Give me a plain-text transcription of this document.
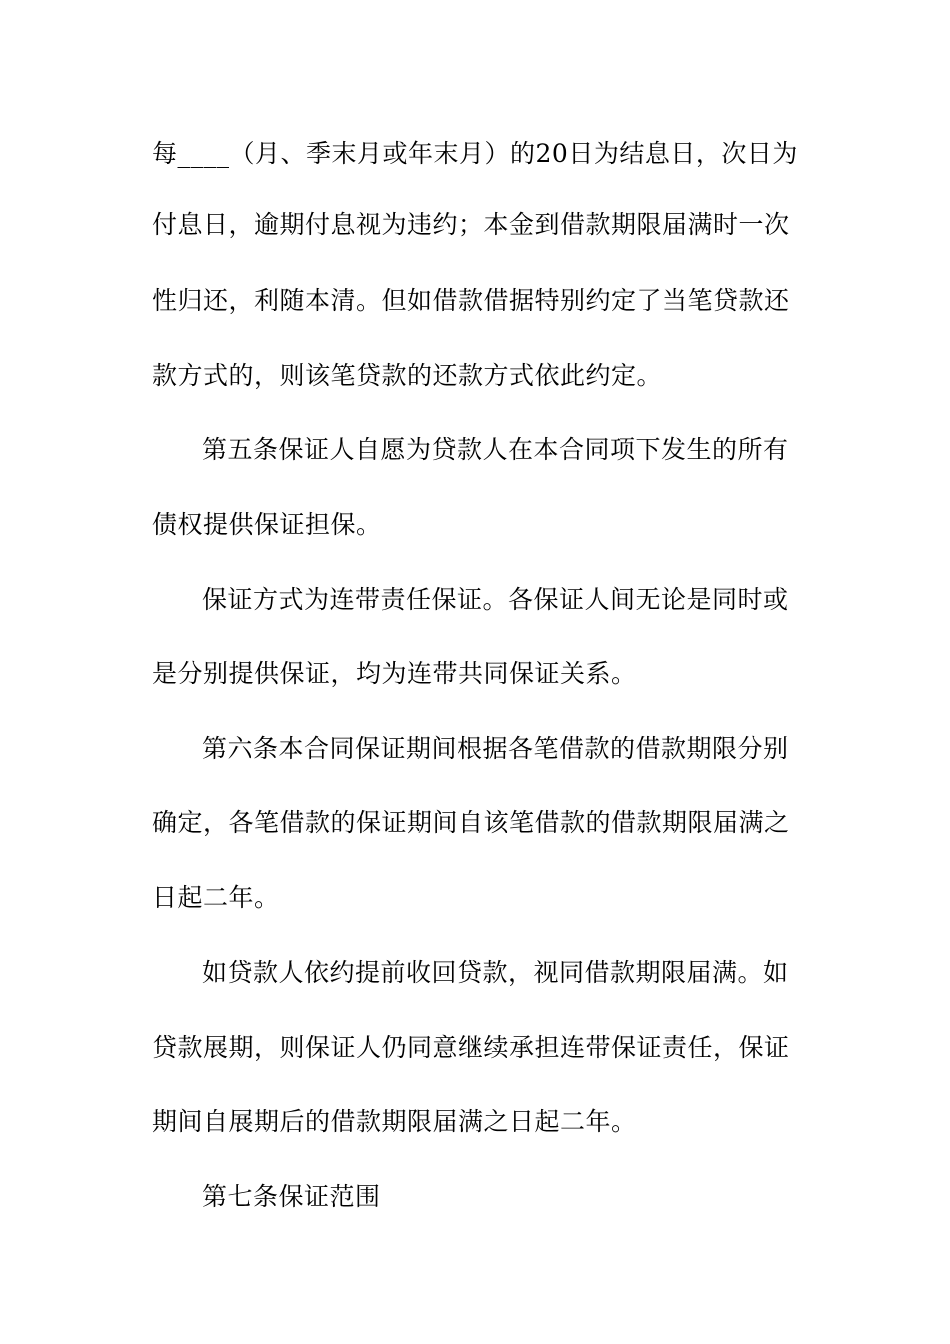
每____（月、季末月或年末月）的20日为结息日，次日为
付息日，逾期付息视为违约；本金到借款期限届满时一次
性归还，利随本清。但如借款借据特别约定了当笔贷款还
款方式的，则该笔贷款的还款方式依此约定。
第五条保证人自愿为贷款人在本合同项下发生的所有
债权提供保证担保。
保证方式为连带责任保证。各保证人间无论是同时或
是分别提供保证，均为连带共同保证关系。
第六条本合同保证期间根据各笔借款的借款期限分别
确定，各笔借款的保证期间自该笔借款的借款期限届满之
日起二年。
如贷款人依约提前收回贷款，视同借款期限届满。如
贷款展期，则保证人仍同意继续承担连带保证责任，保证
期间自展期后的借款期限届满之日起二年。
第七条保证范围
